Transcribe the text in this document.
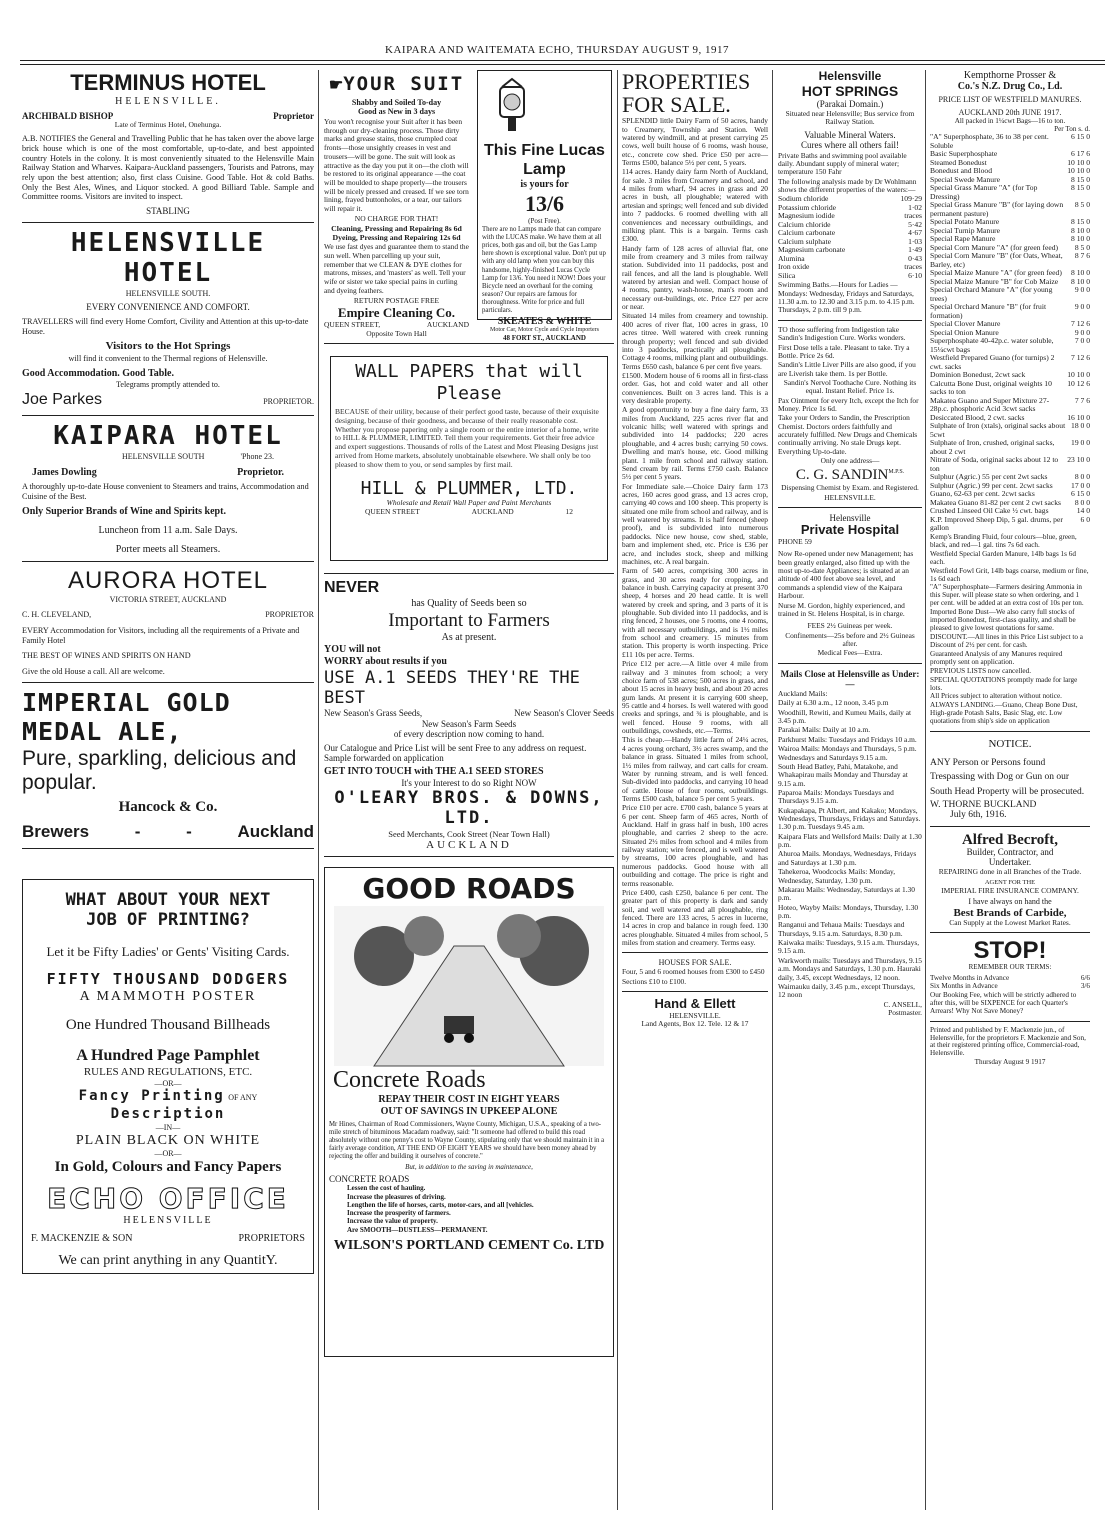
KAIPARA AND WAITEMATA ECHO, THURSDAY AUGUST 9, 1917
TERMINUS HOTEL
HELENSVILLE.
ARCHIBALD BISHOP	Proprietor
Late of Terminus Hotel, Onehunga.

A.B. NOTIFIES the General and Travelling Public that he has taken over the above large brick house which is one of the most comfortable, up-to-date, and best appointed country Hotels in the colony. It is most conveniently situated to the Helensville Main Railway Station and Wharves. Kaipara-Auckland passengers, Tourists and Patrons, may rely upon the best attention; also, first class Cuisine. Good Table. Hot & cold Baths. Only the Best Ales, Wines, and Liquor stocked. A good Billiard Table. Sample and Committee rooms. Visitors are invited to inspect.

STABLING
HELENSVILLE HOTEL
HELENSVILLE SOUTH.
EVERY CONVENIENCE AND COMFORT.

TRAVELLERS will find every Home Comfort, Civility and Attention at this up-to-date House.

Visitors to the Hot Springs

will find it convenient to the Thermal regions of Helensville.

Good Accommodation. Good Table.
Telegrams promptly attended to.
Joe Parkes	PROPRIETOR.
KAIPARA HOTEL
HELENSVILLE SOUTH	'Phone 23.
James Dowling	Proprietor.

A thoroughly up-to-date House convenient to Steamers and trains, Accommodation and Cuisine of the Best.

Only Superior Brands of Wine and Spirits kept.
Luncheon from 11 a.m. Sale Days.
Porter meets all Steamers.
AURORA HOTEL
VICTORIA STREET, AUCKLAND
C. H. CLEVELAND,	PROPRIETOR

EVERY Accommodation for Visitors, including all the requirements of a Private and Family Hotel

THE BEST OF WINES AND SPIRITS ON HAND

Give the old House a call. All are welcome.

IMPERIAL GOLD MEDAL ALE,
Pure, sparkling, delicious and popular.
Hancock & Co.
Brewers	-	-	Auckland
WHAT ABOUT YOUR NEXT
JOB OF PRINTING?
Let it be Fifty Ladies' or Gents' Visiting Cards.
FIFTY THOUSAND DODGERS
A MAMMOTH POSTER
One Hundred Thousand Billheads
A Hundred Page Pamphlet
RULES AND REGULATIONS, ETC.
—OR—
Fancy Printing OF ANY Description
—IN—
PLAIN BLACK ON WHITE
—OR—
In Gold, Colours and Fancy Papers
ECHO OFFICE
HELENSVILLE
F. MACKENZIE & SON	PROPRIETORS
We can print anything in any QuantitY.
☛YOUR SUIT
Shabby and Soiled To-day
Good as New in 3 days

You won't recognise your Suit after it has been through our dry-cleaning process. Those dirty marks and grease stains, those crumpled coat fronts—those unsightly creases in vest and trousers—will be gone. The suit will look as attractive as the day you put it on—the cloth will be restored to its original appearance —the coat will be moulded to shape properly—the trousers will be nicely pressed and creased. If we see torn lining, frayed buttonholes, or a tear, our tailors will repair it.

NO CHARGE FOR THAT!
Cleaning, Pressing and Repairing 8s 6d
Dyeing, Pressing and Repairing 12s 6d

We use fast dyes and guarantee them to stand the sun well. When parcelling up your suit, remember that we CLEAN & DYE clothes for matrons, misses, and 'masters' as well. Tell your wife or sister we take special pains in curling and dyeing feathers.

RETURN POSTAGE FREE
Empire Cleaning Co.
QUEEN STREET,	AUCKLAND
Opposite Town Hall
This Fine Lucas Lamp
is yours for
13/6
(Post Free).

There are no Lamps made that can compare with the LUCAS make. We have them at all prices, both gas and oil, but the Gas Lamp here shown is exceptional value. Don't put up with any old lamp when you can buy this handsome, highly-finished Lucas Cycle Lamp for 13/6. You need it NOW! Does your Bicycle need an overhaul for the coming season? Our repairs are famous for thoroughness. Write for price and full particulars.

SKEATES & WHITE
Motor Car, Motor Cycle and Cycle Importers
48 FORT ST., AUCKLAND
WALL PAPERS that will Please

BECAUSE of their utility, because of their perfect good taste, because of their exquisite designing, because of their goodness, and because of their really reasonable cost. Whether you propose papering only a single room or the entire interior of a home, write to HILL & PLUMMER, LIMITED. Tell them your requirements. Get their free advice and expert suggestions. Thousands of rolls of the Latest and Most Pleasing Designs just arrived from Home markets, absolutely unobtainable elsewhere. We shall only be too pleased to show them to you, or send samples by first mail.

HILL & PLUMMER, LTD.
Wholesale and Retail Wall Paper and Paint Merchants
QUEEN STREET	AUCKLAND	12
NEVER
has Quality of Seeds been so
Important to Farmers
As at present.
YOU will not
WORRY about results if you
USE A.1 SEEDS THEY'RE THE BEST
New Season's Grass Seeds,	New Season's Clover Seeds
New Season's Farm Seeds
of every description now coming to hand.

Our Catalogue and Price List will be sent Free to any address on request. Sample forwarded on application

GET INTO TOUCH with THE A.1 SEED STORES
It's your Interest to do so Right NOW
O'LEARY BROS. & DOWNS, LTD.
Seed Merchants, Cook Street (Near Town Hall)
AUCKLAND
GOOD ROADS
Concrete Roads
REPAY THEIR COST IN EIGHT YEARS
OUT OF SAVINGS IN UPKEEP ALONE

Mr Hines, Chairman of Road Commissioners, Wayne County, Michigan, U.S.A., speaking of a two-mile stretch of bituminous Macadam roadway, said: "It someone had offered to build this road absolutely without one penny's cost to Wayne County, stipulating only that we should maintain it in a fairly average condition, AT THE END OF EIGHT YEARS we should have been money ahead by rejecting the offer and building it ourselves of concrete."

But, in addition to the saving in maintenance,
CONCRETE ROADS
Lessen the cost of hauling.
Increase the pleasures of driving.
Lengthen the life of horses, carts, motor-cars, and all [vehicles.
Increase the prosperity of farmers.
Increase the value of property.
Are SMOOTH—DUSTLESS—PERMANENT.
WILSON'S PORTLAND CEMENT Co. LTD
PROPERTIES FOR SALE.

SPLENDID little Dairy Farm of 50 acres, handy to Creamery, Township and Station. Well watered by windmill, and at present carrying 25 cows, well built house of 6 rooms, wash house, etc., concrete cow shed. Price £50 per acre—Terms £500, balance 5½ per cent, 5 years.

114 acres. Handy dairy farm North of Auckland, for sale. 3 miles from Creamery and school, and 4 miles from wharf, 94 acres in grass and 20 acres in bush, all ploughable; watered with artesian and springs; well fenced and sub divided into 7 paddocks. 6 roomed dwelling with all conveniences and necessary outbuildings, and milking plant. This is a bargain. Terms cash £300.

Handy farm of 128 acres of alluvial flat, one mile from creamery and 3 miles from railway station. Subdivided into 11 paddocks, post and rail fences, and all the land is ploughable. Well watered by artesian and well. Compact house of 4 rooms, pantry, wash-house, man's room and necessary out-buildings, etc. Price £27 per acre or near.

Situated 14 miles from creamery and township. 400 acres of river flat, 100 acres in grass, 10 acres titree. Well watered with creek running through property; well fenced and sub divided into 3 paddocks, practically all ploughable. Cottage 4 rooms, milking plant and outbuildings. Terms £650 cash, balance 6 per cent five years.

£1500. Modern house of 6 rooms all in first-class order. Gas, hot and cold water and all other conveniences. Built on 3 acres land. This is a very desirable property.

A good opportunity to buy a fine dairy farm, 33 miles from Auckland, 225 acres river flat and volcanic hills; well watered with springs and subdivided into 14 paddocks; 220 acres ploughable, and 4 acres bush; carrying 50 cows. Dwelling and man's house, etc. Good milking plant. 1 mile from school and railway station. Send cream by rail. Terms £750 cash. Balance 5½ per cent 5 years.

For Immediate sale.—Choice Dairy farm 173 acres, 160 acres good grass, and 13 acres crop, carrying 40 cows and 100 sheep. This property is situated one mile from school and railway, and is well watered by streams. It is half fenced (sheep proof), and is subdivided into numerous paddocks. Nice new house, cow shed, stable, barn and implement shed, etc. Price is £36 per acre, and includes stock, sheep and milking machines, etc. A real bargain.

Farm of 540 acres, comprising 300 acres in grass, and 30 acres ready for cropping, and balance in bush. Carrying capacity at present 370 sheep, 4 horses and 20 head cattle. It is well watered by creek and spring, and 3 parts of it is ploughable. Sub divided into 11 paddocks, and is ring fenced, 2 houses, one 5 rooms, one 4 rooms, with all necessary outbuildings, and is 1½ miles from school and creamery. 15 minutes from station. This property is worth inspecting. Price £11 10s per acre. Terms.

Price £12 per acre.—A little over 4 mile from railway and 3 minutes from school; a very choice farm of 538 acres; 500 acres in grass, and about 15 acres in heavy bush, and about 20 acres gum lands. At present it is carrying 600 sheep, 95 cattle and 4 horses. Is well watered with good creeks and springs, and ¾ is ploughable, and is well fenced. House 9 rooms, with all outbuildings, cowsheds, etc.—Terms.

This is cheap.—Handy little farm of 24¼ acres, 4 acres young orchard, 3½ acres swamp, and the balance in grass. Situated 1 miles from school, 1½ miles from railway, and cart calls for cream. Water by running stream, and is well fenced. Sub-divided into paddocks, and carrying 10 head of cattle. House of four rooms, outbuildings. Terms £500 cash, balance 5 per cent 5 years.

Price £10 per acre. £700 cash, balance 5 years at 6 per cent. Sheep farm of 465 acres, North of Auckland. Half in grass half in bush, 100 acres ploughable, and carries 2 sheep to the acre. Situated 2½ miles from school and 4 miles from railway station; wire fenced, and is well watered by streams, 100 acres ploughable, and has numerous paddocks. Good house with all outbuilding and cottage. The price is right and terms reasonable.

Price £400, cash £250, balance 6 per cent. The greater part of this property is dark and sandy soil, and well watered and all ploughable, ring fenced. There are 133 acres, 5 acres in lucerne, 14 acres in crop and balance in rough feed. 130 acres ploughable. Situated 4 miles from school, 5 miles from station and creamery. Terms easy.

HOUSES FOR SALE.

Four, 5 and 6 roomed houses from £300 to £450

Sections £10 to £100.

Hand & Ellett
HELENSVILLE.
Land Agents, Box 12. Tele. 12 & 17
Helensville
HOT SPRINGS
(Parakai Domain.)
Situated near Helensville; Bus service from Railway Station.
Valuable Mineral Waters.
Cures where all others fail!

Private Baths and swimming pool available daily. Abundant supply of mineral water; temperature 150 Fahr

The following analysis made by Dr Wohlmann shows the different properties of the waters:—

Sodium chloride	109·29
Potassium chloride	1·02
Magnesium iodide	traces
Calcium chloride	5·42
Calcium carbonate	4·67
Calcium sulphate	1·03
Magnesium carbonate	1·49
Alumina	0·43
Iron oxide	traces
Silica	6·10

Swimming Baths.—Hours for Ladies —Mondays: Wednesday, Fridays and Saturdays, 11.30 a.m. to 12.30 and 3.15 p.m. to 4.15 p.m. Thursdays, 2 p.m. till 9 p.m.

TO those suffering from Indigestion take Sandin's Indigestion Cure. Works wonders.

First Dose tells a tale. Pleasant to take. Try a Bottle. Price 2s 6d.

Sandin's Little Liver Pills are also good, if you are Liverish take them. 1s per Bottle.

Sandin's Nervol Toothache Cure. Nothing its equal. Instant Relief. Price 1s.

Pax Ointment for every Itch, except the Itch for Money. Price 1s 6d.

Take your Orders to Sandin, the Prescription Chemist. Doctors orders faithfully and accurately fulfilled. New Drugs and Chemicals continually arriving. No stale Drugs kept. Everything Up-to-date.

Only one address—

C. G. $SANDIN^{M.P.S.}$

Dispensing Chemist by Exam. and Registered.

HELENSVILLE.

Helensville
Private Hospital
PHONE 59

Now Re-opened under new Management; has been greatly enlarged, also fitted up with the most up-to-date Appliances; is situated at an altitude of 400 feet above sea level, and commands a splendid view of the Kaipara Harbour.

Nurse M. Gordon, highly experienced, and trained in St. Helens Hospital, is in charge.

FEES 2½ Guineas per week.

Confinements—25s before and 2½ Guineas after.

Medical Fees—Extra.

Mails Close at Helensville as Under:—

Auckland Mails:

Daily at 6.30 a.m., 12 noon, 3.45 p.m

Woodhill, Rewiti, and Kumeu Mails, daily at 3.45 p.m.

Parakai Mails: Daily at 10 a.m.

Parkhurst Mails: Tuesdays and Fridays 10 a.m.

Wairoa Mails: Mondays and Thursdays, 5 p.m. Wednesdays and Saturdays 9.15 a.m.

South Head Batley, Pahi, Matakohe, and Whakapirau mails Monday and Thursday at 9.15 a.m.

Paparoa Mails: Mondays Tuesdays and Thursdays 9.15 a.m.

Kukapakapa, Pt Albert, and Kakako; Mondays, Wednesdays, Thursdays, Fridays and Saturdays. 1.30 p.m. Tuesdays 9.45 a.m.

Kaipara Flats and Wellsford Mails: Daily at 1.30 p.m.

Ahuroa Mails. Mondays, Wednesdays, Fridays and Saturdays at 1.30 p.m.

Tahekeroa, Woodcocks Mails: Monday, Wednesday, Saturday, 1.30 p.m.

Makarau Mails: Wednesday, Saturdays at 1.30 p.m.

Hoteo, Wayby Mails: Mondays, Thursday, 1.30 p.m.

Ranganui and Tehaua Mails: Tuesdays and Thursdays, 9.15 a.m. Saturdays, 8.30 p.m.

Kaiwaka mails: Tuesdays, 9.15 a.m. Thursdays, 9.15 a.m.

Warkworth mails: Tuesdays and Thursdays, 9.15 a.m. Mondays and Saturdays, 1.30 p.m. Hauraki daily, 3.45, except Wednesdays, 12 noon.

Waimauku daily, 3.45 p.m., except Thursdays, 12 noon

C. ANSELL,
Postmaster.
Kempthorne Prosser &
Co.'s N.Z. Drug Co., Ld.
PRICE LIST OF WESTFIELD MANURES.
AUCKLAND 20th JUNE 1917.
All packed in 1¼cwt Bags—16 to ton.
Per Ton s. d.
"A" Superphosphate, 36 to 38 per cent. Soluble	6 15 0
Basic Superphosphate	6 17 6
Steamed Bonedust	10 10 0
Bonedust and Blood	10 10 0
Special Swede Manure	8 15 0
Special Grass Manure "A" (for Top Dressing)	8 15 0
Special Grass Manure "B" (for laying down permanent pasture)	8 5 0
Special Potato Manure	8 15 0
Special Turnip Manure	8 10 0
Special Rape Manure	8 10 0
Special Corn Manure "A" (for green feed)	8 5 0
Special Corn Manure "B" (for Oats, Wheat, Barley, etc)	8 7 6
Special Maize Manure "A" (for green feed)	8 10 0
Special Maize Manure "B" for Cob Maize	8 10 0
Special Orchard Manure "A" (for young trees)	9 0 0
Special Orchard Manure "B" (for fruit formation)	9 0 0
Special Clover Manure	7 12 6
Special Onion Manure	9 0 0
Superphosphate 40-42p.c. water soluble, 15¼cwt bags	7 0 0
Westfield Prepared Guano (for turnips) 2 cwt. sacks	7 12 6
Dominion Bonedust, 2cwt sack	10 10 0
Calcutta Bone Dust, original weights 10 sacks to ton	10 12 6
Makatea Guano and Super Mixture 27-28p.c. phosphoric Acid 3cwt sacks	7 7 6
Desiccated Blood, 2 cwt. sacks	16 10 0
Sulphate of Iron (xtals), original sacks about 5cwt	18 0 0
Sulphate of Iron, crushed, original sacks, about 2 cwt	19 0 0
Nitrate of Soda, original sacks about 12 to ton	23 10 0
Sulphur (Agric.) 55 per cent 2wt sacks	8 0 0
Sulphur (Agric.) 99 per cent. 2cwt sacks	17 0 0
Guano, 62-63 per cent. 2cwt sacks	6 15 0
Makatea Guano 81-82 per cent 2 cwt sacks	8 0 0
Crushed Linseed Oil Cake ½ cwt. bags	14 0
K.P. Improved Sheep Dip, 5 gal. drums, per gallon	6 0

Kemp's Branding Fluid, four colours—blue, green, black, and red—1 gal. tins 7s 6d each.

Westfield Special Garden Manure, 14lb bags 1s 6d each.

Westfield Fowl Grit, 14lb bags coarse, medium or fine, 1s 6d each

"A" Superphosphate—Farmers desiring Ammonia in this Super. will please state so when ordering, and 1 per cent. will be added at an extra cost of 10s per ton.

Imported Bone Dust—We also carry full stocks of imported Bonedust, first-class quality, and shall be pleased to give lowest quotations for same.

DISCOUNT.—All lines in this Price List subject to a Discount of 2½ per cent. for cash.

Guaranteed Analysis of any Manures required promptly sent on application.

PREVIOUS LISTS now cancelled.

SPECIAL QUOTATIONS promptly made for large lots.

All Prices subject to alteration without notice.

ALWAYS LANDING.—Guano, Cheap Bone Dust, High-grade Potash Salts, Basic Slag, etc. Low quotations from ship's side on application

NOTICE.

ANY Person or Persons found Trespassing with Dog or Gun on our South Head Property will be prosecuted.

W. THORNE BUCKLAND
July 6th, 1916.
Alfred Becroft,
Builder, Contractor, and
Undertaker.
REPAIRING done in all Branches of the Trade.
AGENT FOR THE
IMPERIAL FIRE INSURANCE COMPANY.
I have always on hand the
Best Brands of Carbide,
Can Supply at the Lowest Market Rates.
STOP!
REMEMBER OUR TERMS:
Twelve Months in Advance	6/6
Six Months in Advance	3/6

Our Booking Fee, which will be strictly adhered to after this, will be SIXPENCE for each Quarter's Arrears! Why Not Save Money?

Printed and published by F. Mackenzie jun., of Helensville, for the proprietors F. Mackenzie and Son, at their registered printing office, Commercial-road, Helensville.

Thursday August 9 1917
